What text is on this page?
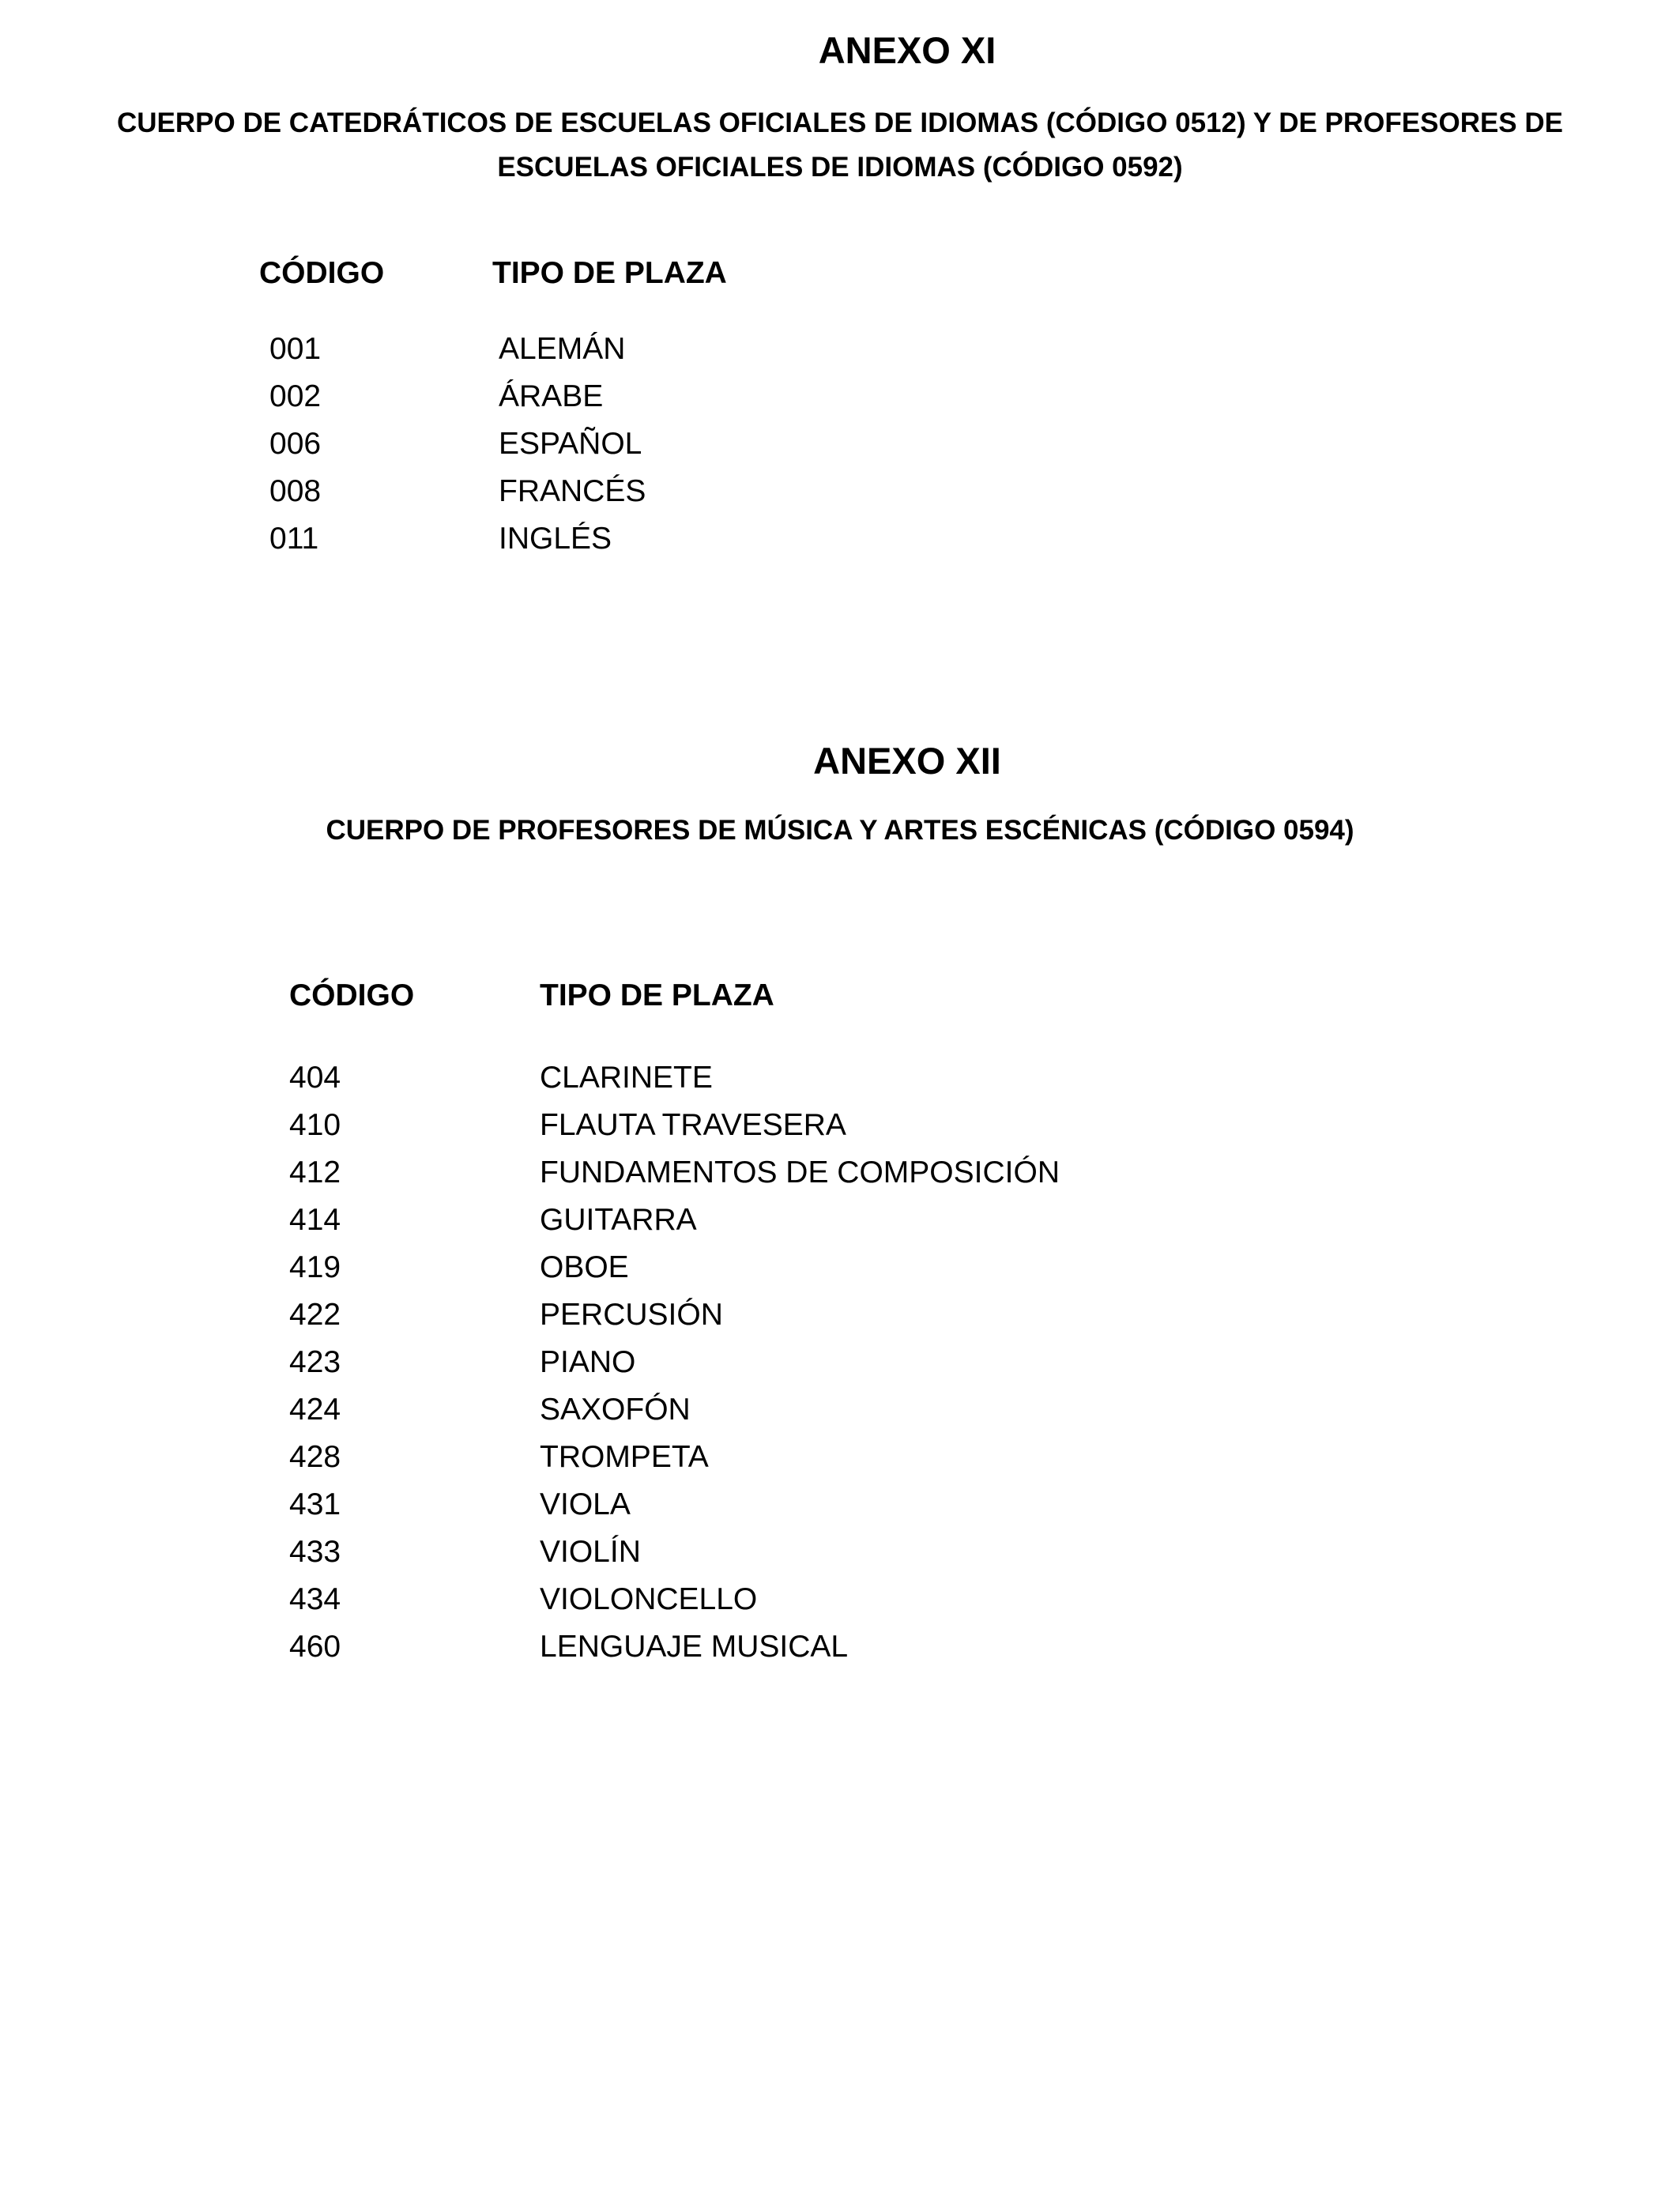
ANEXO XI

CUERPO DE CATEDRÁTICOS DE ESCUELAS OFICIALES DE IDIOMAS (CÓDIGO 0512) Y DE PROFESORES DE

ESCUELAS OFICIALES DE IDIOMAS (CÓDIGO 0592)

CÓDIGO	TIPO DE PLAZA
001	ALEMÁN
002	ÁRABE
006	ESPAÑOL
008	FRANCÉS
011	INGLÉS
ANEXO XII

CUERPO DE PROFESORES DE MÚSICA Y ARTES ESCÉNICAS (CÓDIGO 0594)

CÓDIGO	TIPO DE PLAZA
404	CLARINETE
410	FLAUTA TRAVESERA
412	FUNDAMENTOS DE COMPOSICIÓN
414	GUITARRA
419	OBOE
422	PERCUSIÓN
423	PIANO
424	SAXOFÓN
428	TROMPETA
431	VIOLA
433	VIOLÍN
434	VIOLONCELLO
460	LENGUAJE MUSICAL
